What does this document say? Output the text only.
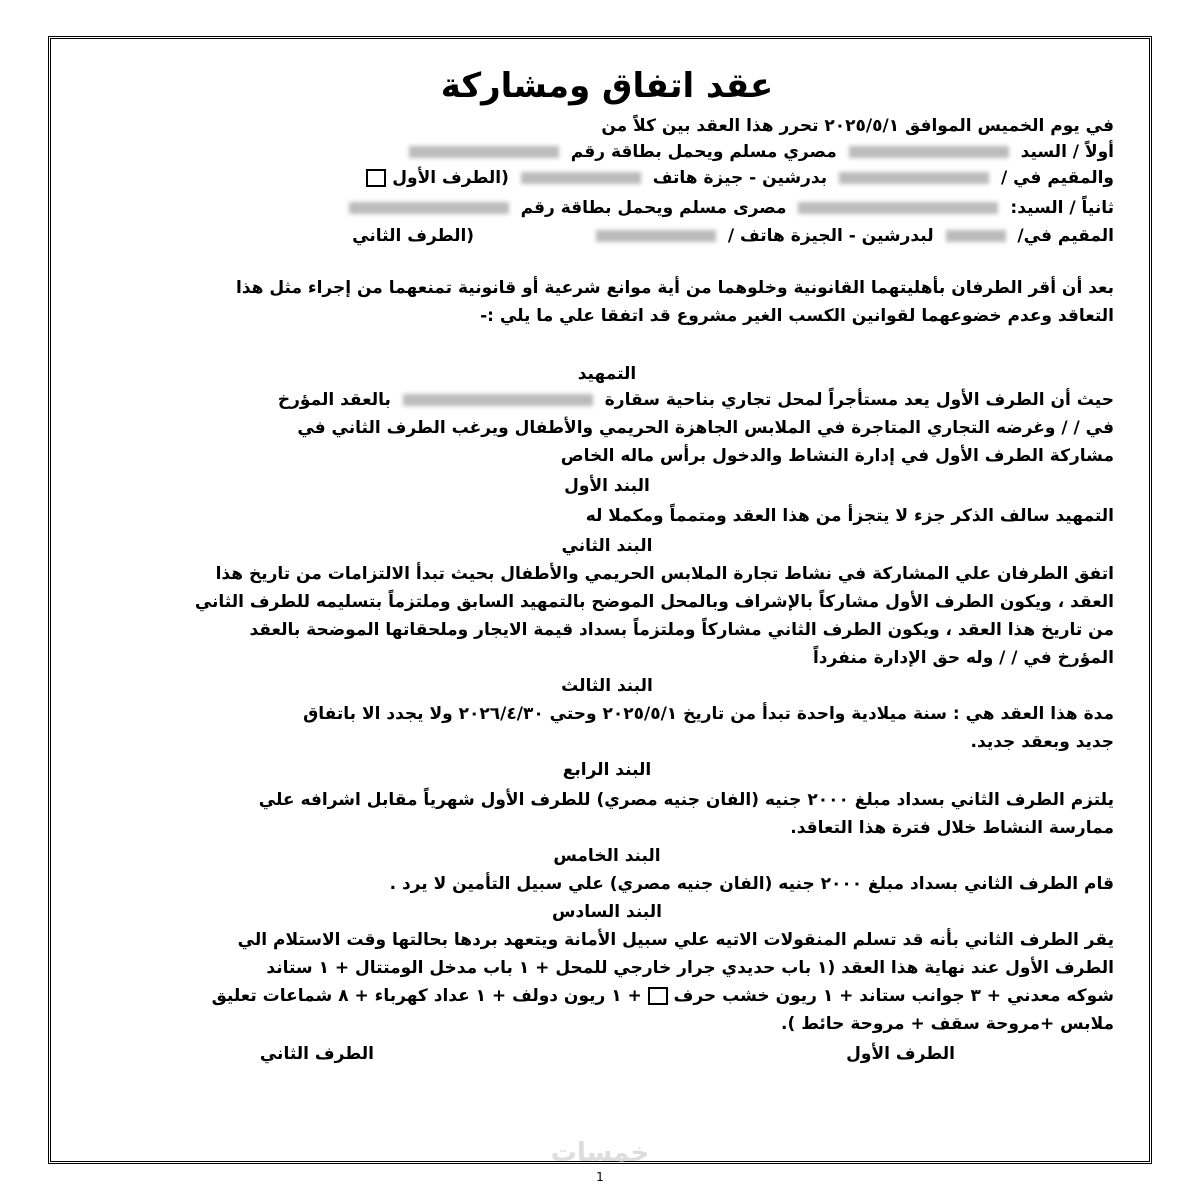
عقد اتفاق ومشاركة
في يوم الخميس الموافق ٢٠٢٥/٥/١ تحرر هذا العقد بين كلاً من
أولاً / السيد  مصري مسلم ويحمل بطاقة رقم
والمقيم في /  بدرشين - جيزة هاتف  (الطرف الأول
ثانياً / السيد:  مصرى مسلم ويحمل بطاقة رقم
المقيم في/  لبدرشين - الجيزة هاتف /  (الطرف الثاني
بعد أن أقر الطرفان بأهليتهما القانونية وخلوهما من أية موانع شرعية أو قانونية تمنعهما من إجراء مثل هذا
التعاقد وعدم خضوعهما لقوانين الكسب الغير مشروع قد اتفقا علي ما يلي :-
التمهيد
حيث أن الطرف الأول يعد مستأجراً لمحل تجاري بناحية سقارة  بالعقد المؤرخ
في / / وغرضه التجاري المتاجرة في الملابس الجاهزة الحريمي والأطفال ويرغب الطرف الثاني في
مشاركة الطرف الأول في إدارة النشاط والدخول برأس ماله الخاص
البند الأول
التمهيد سالف الذكر جزء لا يتجزأ من هذا العقد ومتمماً ومكملا له
البند الثاني
اتفق الطرفان علي المشاركة في نشاط تجارة الملابس الحريمي والأطفال بحيث تبدأ الالتزامات من تاريخ هذا
العقد ، ويكون الطرف الأول مشاركاً بالإشراف وبالمحل الموضح بالتمهيد السابق وملتزماً بتسليمه للطرف الثاني
من تاريخ هذا العقد ، ويكون الطرف الثاني مشاركاً وملتزماً بسداد قيمة الايجار وملحقاتها الموضحة بالعقد
المؤرخ في / / وله حق الإدارة منفرداً
البند الثالث
مدة هذا العقد هي : سنة ميلادية واحدة تبدأ من تاريخ ٢٠٢٥/٥/١ وحتي ٢٠٢٦/٤/٣٠ ولا يجدد الا باتفاق
جديد وبعقد جديد.
البند الرابع
يلتزم الطرف الثاني بسداد مبلغ ٢٠٠٠ جنيه (الفان جنيه مصري) للطرف الأول شهرياً مقابل اشرافه علي
ممارسة النشاط خلال فترة هذا التعاقد.
البند الخامس
قام الطرف الثاني بسداد مبلغ ٢٠٠٠ جنيه (الفان جنيه مصري) علي سبيل التأمين لا يرد .
البند السادس
يقر الطرف الثاني بأنه قد تسلم المنقولات الاتيه علي سبيل الأمانة ويتعهد بردها بحالتها وقت الاستلام الي
الطرف الأول عند نهاية هذا العقد (١ باب حديدي جرار خارجي للمحل + ١ باب مدخل الومتتال + ١ ستاند
شوكه معدني + ٣ جوانب ستاند + ١ ريون خشب حرف  + ١ ريون دولف + ١ عداد كهرباء + ٨ شماعات تعليق
ملابس +مروحة سقف + مروحة حائط ).
الطرف الأول
الطرف الثاني
خمسات
1
